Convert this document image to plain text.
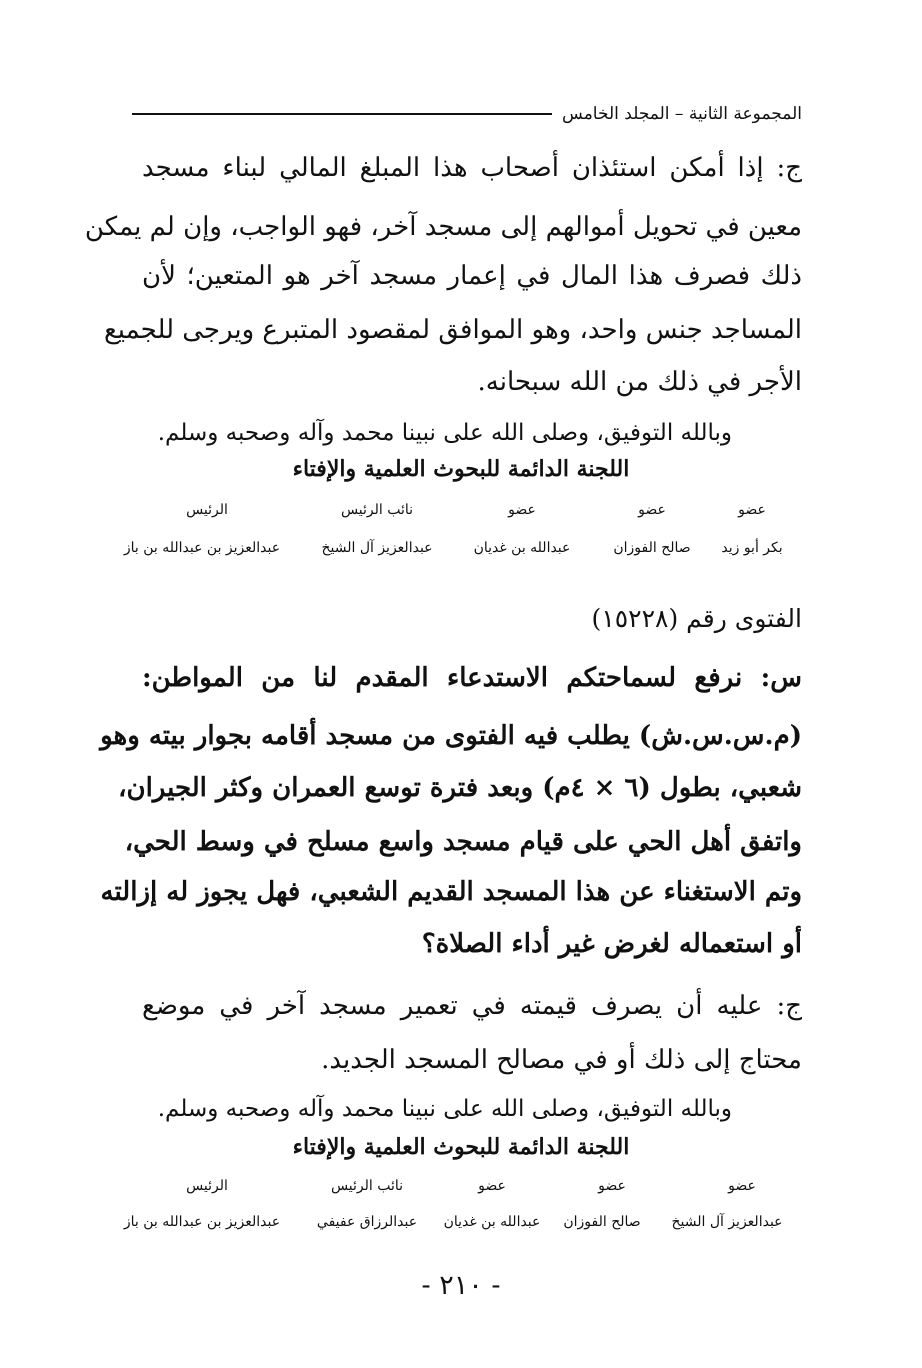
المجموعة الثانية – المجلد الخامس
ج: إذا أمكن استئذان أصحاب هذا المبلغ المالي لبناء مسجد
معين في تحويل أموالهم إلى مسجد آخر، فهو الواجب، وإن لم يمكن
ذلك فصرف هذا المال في إعمار مسجد آخر هو المتعين؛ لأن
المساجد جنس واحد، وهو الموافق لمقصود المتبرع ويرجى للجميع
الأجر في ذلك من الله سبحانه.
وبالله التوفيق، وصلى الله على نبينا محمد وآله وصحبه وسلم.
اللجنة الدائمة للبحوث العلمية والإفتاء
عضو
عضو
عضو
نائب الرئيس
الرئيس
بكر أبو زيد
صالح الفوزان
عبدالله بن غديان
عبدالعزيز آل الشيخ
عبدالعزيز بن عبدالله بن باز
الفتوى رقم (١٥٢٢٨)
س: نرفع لسماحتكم الاستدعاء المقدم لنا من المواطن:
(م.س.س.ش) يطلب فيه الفتوى من مسجد أقامه بجوار بيته وهو
شعبي، بطول (٦ × ٤م) وبعد فترة توسع العمران وكثر الجيران،
واتفق أهل الحي على قيام مسجد واسع مسلح في وسط الحي،
وتم الاستغناء عن هذا المسجد القديم الشعبي، فهل يجوز له إزالته
أو استعماله لغرض غير أداء الصلاة؟
ج: عليه أن يصرف قيمته في تعمير مسجد آخر في موضع
محتاج إلى ذلك أو في مصالح المسجد الجديد.
وبالله التوفيق، وصلى الله على نبينا محمد وآله وصحبه وسلم.
اللجنة الدائمة للبحوث العلمية والإفتاء
عضو
عضو
عضو
نائب الرئيس
الرئيس
عبدالعزيز آل الشيخ
صالح الفوزان
عبدالله بن غديان
عبدالرزاق عفيفي
عبدالعزيز بن عبدالله بن باز
- ٢١٠ -
